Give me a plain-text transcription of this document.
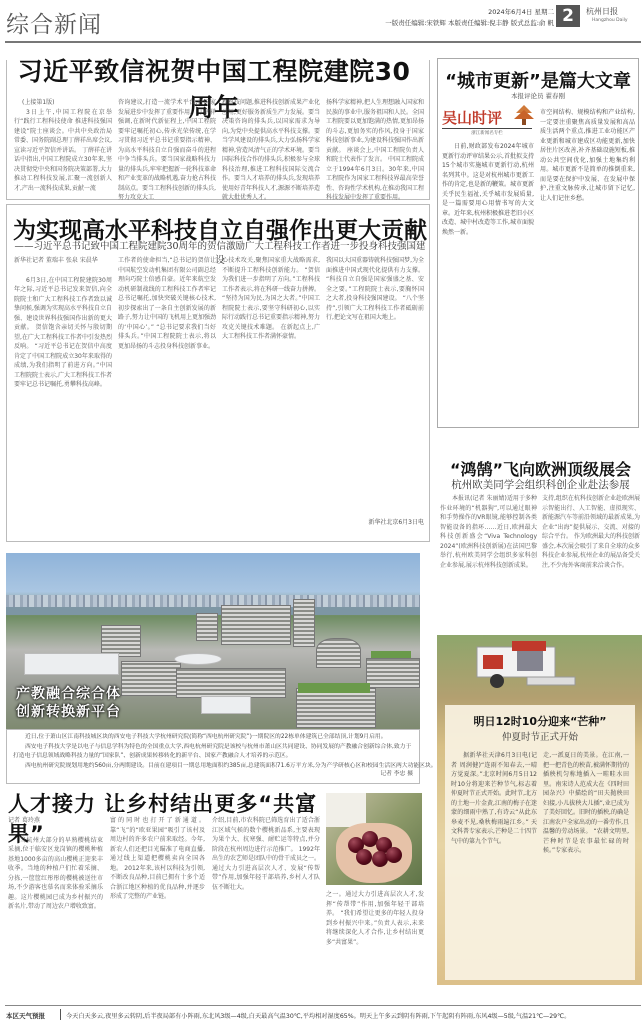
综合新闻	2024年6月4日 星期二
一版责任编辑:宋铁辉 本版责任编辑:倪丰静 版式总监:俞 帆 2	杭州日报
Hangzhou Daily
习近平致信祝贺中国工程院建院30周年
(上接第1版)
3日上午,中国工程院在京举行“践行工程科技使命 推进科技强国建设”院士座谈会。中共中央政治局常委、国务院副总理丁薛祥出席会议,宣读习近平贺信并讲话。 丁薛祥在讲话中指出,中国工程院成立30年来,坚决贯彻党中央和国务院决策部署,大力推动工程科技发展,汇聚一流创新人才,产出一流科技成果,贡献一流
咨询建议,打造一流学术平台,在国家发展进步中发挥了重要作用。 丁薛祥强调,在新时代新征程上,中国工程院要牢记嘱托初心,传承光荣传统,在学习贯彻习近平总书记重要指示精神、为高水平科技自立自强而奋斗的进程中争当排头兵。要当国家战略科技力量的排头兵,牢牢把握新一轮科技革命和产业变革的战略机遇,奋力抢占科技制高点。要当工程科技创新的排头兵,努力攻克大工
程科技问题,推进科技创新成果产业化应用,更好服务新质生产力发展。要当决策咨询的排头兵,以国家需求为导向,为党中央提供高水平科技支撑。要当学风建设的排头兵,大力弘扬科学家精神,营造风清气正的学术环境。要当国际科技合作的排头兵,积极参与全球科技治理,推进工程科技国际交流合作。要当人才培养的排头兵,发现培养使用好青年科技人才,源源不断培养造就大批优秀人才。
扬科学家精神,把人生理想融入国家和民族的事业中,服务祖国和人民。全国工程院要以更加饱满的热情,更加昂扬的斗志,更加务实的作风,投身于国家科技创新事业,为建设科技强国作出新贡献。 座谈会上,中国工程院负责人和院士代表作了发言。 中国工程院成立于1994年6月3日。30年来,中国工程院作为国家工程科技界最高荣誉性、咨询性学术机构,在推动我国工程科技发展中发挥了重要作用。
为实现高水平科技自立自强作出更大贡献
——习近平总书记致中国工程院建院30周年的贺信激励广大工程科技工作者进一步投身科技强国建设
新华社记者 董瑞丰 张泉 宋晨华
6月3日,在中国工程院建院30周年之际,习近平总书记发来贺信,向全院院士和广大工程科技工作者致以诚挚问候,强调为实现高水平科技自立自强、建设世界科技强国作出新的更大贡献。 贺信饱含亲切关怀与殷切期望,在广大工程科技工作者中引发热烈反响。 “习近平总书记在贺信中高度肯定了中国工程院成立30年来取得的成绩,为我们指明了前进方向。”中国工程院院士表示,广大工程科技工作者要牢记总书记嘱托,勇攀科技高峰。
工作者的使命担当,“总书记的贺信让中国航空发动机集团有限公司副总经理向巧院士倍感自豪。近年来航空发动机研制战线的工程科技工作者牢记总书记嘱托,加快突破关键核心技术,初步探索出了一条自主创新发展的新路子,努力让中国的飞机用上更加强劲的‘中国心’。” “总书记要求我们当好排头兵。”中国工程院院士表示,将以更加昂扬的斗志投身科技创新事业。
心技术攻关,聚焦国家重大战略需求,不断提升工程科技创新能力。 “贺信为我们进一步指明了方向。”工程科技工作者表示,将在科研一线奋力拼搏。 “坚持为国为民,为国之大者。”中国工程院院士表示,要坚守科研初心,以实际行动践行总书记重要指示精神,努力攻克关键技术难题。 在新起点上,广大工程科技工作者满怀豪情。
我国以大国重器铸就科技强国梦,为全面推进中国式现代化提供有力支撑。 “科技自立自强是国家强盛之基、安全之要。”工程院院士表示,要胸怀国之大者,投身科技强国建设。 “八个坚持”,引领广大工程科技工作者砥砺前行,把论文写在祖国大地上。
新华社北京6月3日电
产教融合综合体
创新转换新平台
近日,位于萧山区江南科技城区块的西安电子科技大学杭州研究院(简称“西电杭州研究院”)一期院区的22栋单体建筑已全部结顶,计划9月启用。
西安电子科技大学是以电子与信息学科为特色的全国重点大学,西电杭州研究院是该校与杭州市萧山区共同建设、协同发展的产教融合创新综合体,致力于打造电子信息领域战略科技力量的“国家队”、创新成果转移转化的新平台、国家产教融合人才培养的示范区。
西电杭州研究院规划用地约560亩,分两期建设。目前在建项目一期总用地面积约385亩,总建筑面积71.6万平方米,分为产学研核心区和校园生活区两大功能区块。
记者 李忠 摄
人才接力 让乡村结出更多“共富果”
记者 葛玲燕
当杭州大部分的早熟樱桃结束采摘,位于临安区龙岗镇的樱桃种植基地1000多亩的高山樱桃正迎来丰收季。当地的种植户们忙着采摘、分拣,一筐筐红彤彤的樱桃被送往市场,不少游客也慕名而来体验采摘乐趣。这片樱桃园已成为乡村振兴的新名片,带动了周边农户增收致富。
富的同时也打开了新通道。 靠“飞”的“欧亚果园”吸引了该村及周边村的许多农户前来取经。今年,新农人们还把目光瞄准了电商直播,通过线上渠道把樱桃卖向全国各地。 2012年来,该村以科技为引领,不断改良品种,目前已拥有十多个适合浙江地区种植的优良品种,并逐步形成了完整的产业链。
介绍,目前,市农科院已筛选育出了适合浙江区域气候的数个樱桃新品系,主要表现为果个大、抗寒强、耐贮运等特点,并分阶段在杭州周边进行示范推广。 1992年出生的农艺师是团队中的骨干成员之一。通过大力引进高层次人才、发展“传帮带”作用,加强年轻干部培养,乡村人才队伍不断壮大。
之一。通过大力引进高层次人才,发挥“传帮带”作用,加强年轻干部培养。 “我们希望让更多的年轻人投身到乡村振兴中来。”负责人表示,未来将继续深化人才合作,让乡村结出更多“共富果”。
“城市更新”是篇大文章
本报评论员 翟春刚
吴山时评
浙江新闻名专栏
日前,财政部发布2024年城市更新行动评审结果公示,首批拟支持15个城市实施城市更新行动,杭州名列其中。这是对杭州城市更新工作的肯定,也是新的鞭策。城市更新关乎民生福祉,关乎城市发展质量,是一篇需要用心用情书写的大文章。近年来,杭州积极推进老旧小区改造、城中村改造等工作,城市面貌焕然一新。
市空间结构、规模结构和产业结构,一定要注重聚焦高质量发展和高品质生活两个重点,推进工业功能区产业更新和城市建成区功能更新,加快居住片区改善,补齐基础设施短板,推动公共空间优化,加强土地集约利用。城市更新不是简单的推倒重来,而是要在保护中发展、在发展中保护,注重文脉传承,让城市留下记忆,让人们记住乡愁。
“鸿鹄”飞向欧洲顶级展会
杭州欧美同学会组织科创企业赴法参展
本报讯(记者 朱丽婧)适用于多种作业环境的“机器狗”,可以通过眼神和手势操作的VR眼镜,能够控制各类智能设备的指环……近日,欧洲最大科技创新盛会“Viva Technology 2024”(欧洲科技创新展)在法国巴黎举行,杭州欧美同学会组织多家科创企业参展,展示杭州科技创新成果。
支持,组织在杭科技创新企业赴欧洲展示智能出行、人工智能、虚拟现实、新能源汽车等前沿领域的最新成果,为企业“出海”提供展示、交流、对接的综合平台。 作为欧洲最大的科技创新盛会,本次展会吸引了来自全球的众多科技企业参展,杭州企业的展品备受关注,不少海外客商前来洽谈合作。
明日12时10分迎来“芒种”
仲夏时节正式开始
据新华社天津6月3日电(记者 周润健)“连雨不知春去,一晴方觉夏深。”北京时间6月5日12时10分将迎来芒种节气,标志着仲夏时节正式开始。此时节,北方的土地一片金黄,江南的梅子在迷蒙的细雨中熟了,有诗云“从此东皋麦不见,桑秋梅雨遍江乡。” 天文科普专家表示,芒种是二十四节气中的第九个节气。
走,一派夏日的美景。在江南,一把一把青色的秧苗,被满怀期待的插秧机匀称地插入一畦畦水田里。南宋诗人范成大在《四时田园杂兴》中描绘的“田夫抛秧田妇接,小儿拔秧大儿插”,业已成为了美好回忆。旧时的插秧,的确是江南农户全家出动的一番劳作,且温馨的劳动场景。 “农耕文明里,芒种时节是农事最忙碌的时候。”专家表示。
本区天气预报	今天白天多云,夜里多云转阴,后半夜局部有小阵雨,东北风3级—4级,白天最高气温30℃,平均相对湿度65%。明天上午多云到阴有阵雨,下午起阴有阵雨,东风4级—5级,气温21℃—29℃。
